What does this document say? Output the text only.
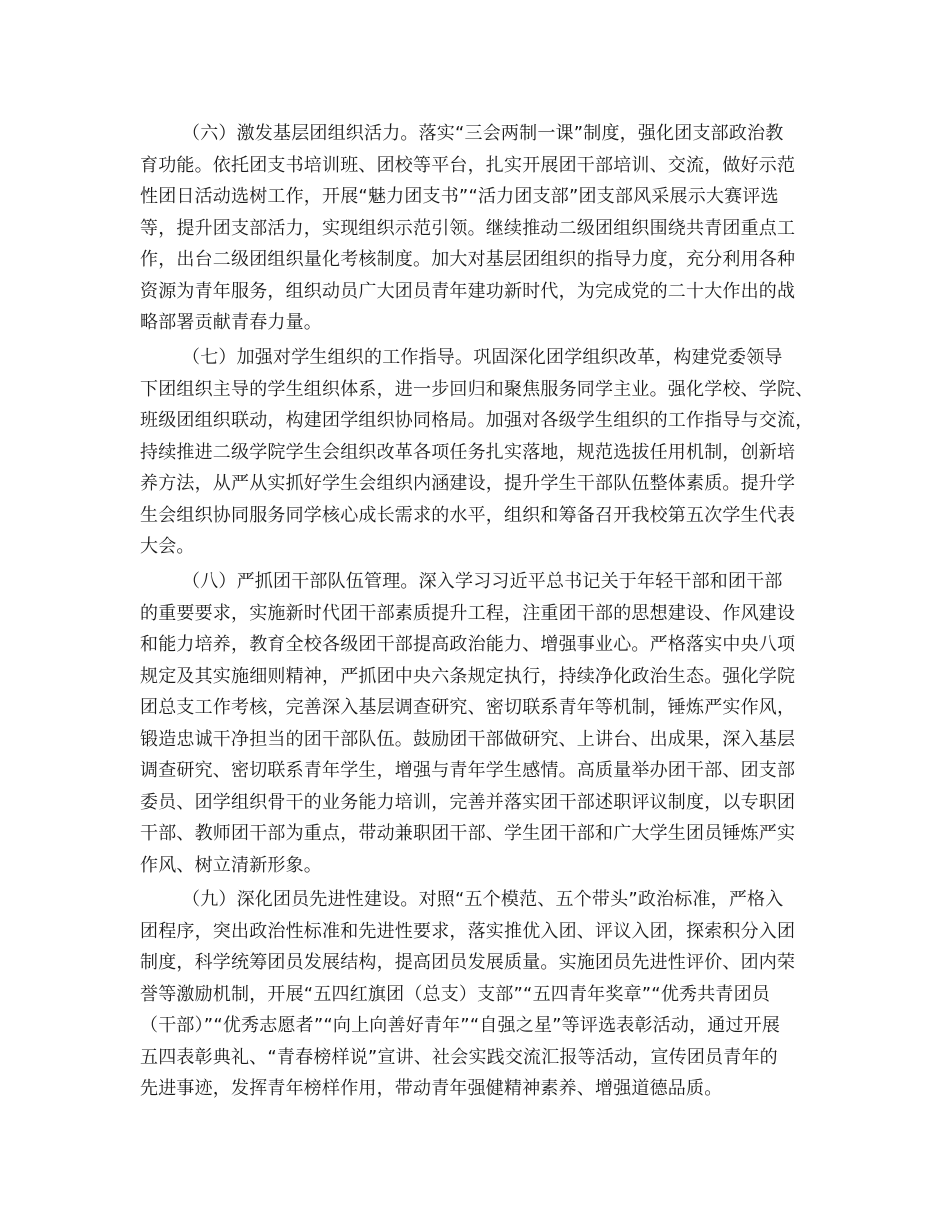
（六）激发基层团组织活力。落实“三会两制一课”制度，强化团支部政治教
育功能。依托团支书培训班、团校等平台，扎实开展团干部培训、交流，做好示范
性团日活动选树工作，开展“魅力团支书”“活力团支部”团支部风采展示大赛评选
等，提升团支部活力，实现组织示范引领。继续推动二级团组织围绕共青团重点工
作，出台二级团组织量化考核制度。加大对基层团组织的指导力度，充分利用各种
资源为青年服务，组织动员广大团员青年建功新时代，为完成党的二十大作出的战
略部署贡献青春力量。
（七）加强对学生组织的工作指导。巩固深化团学组织改革，构建党委领导
下团组织主导的学生组织体系，进一步回归和聚焦服务同学主业。强化学校、学院、
班级团组织联动，构建团学组织协同格局。加强对各级学生组织的工作指导与交流，
持续推进二级学院学生会组织改革各项任务扎实落地，规范选拔任用机制，创新培
养方法，从严从实抓好学生会组织内涵建设，提升学生干部队伍整体素质。提升学
生会组织协同服务同学核心成长需求的水平，组织和筹备召开我校第五次学生代表
大会。
（八）严抓团干部队伍管理。深入学习习近平总书记关于年轻干部和团干部
的重要要求，实施新时代团干部素质提升工程，注重团干部的思想建设、作风建设
和能力培养，教育全校各级团干部提高政治能力、增强事业心。严格落实中央八项
规定及其实施细则精神，严抓团中央六条规定执行，持续净化政治生态。强化学院
团总支工作考核，完善深入基层调查研究、密切联系青年等机制，锤炼严实作风，
锻造忠诚干净担当的团干部队伍。鼓励团干部做研究、上讲台、出成果，深入基层
调查研究、密切联系青年学生，增强与青年学生感情。高质量举办团干部、团支部
委员、团学组织骨干的业务能力培训，完善并落实团干部述职评议制度，以专职团
干部、教师团干部为重点，带动兼职团干部、学生团干部和广大学生团员锤炼严实
作风、树立清新形象。
（九）深化团员先进性建设。对照“五个模范、五个带头”政治标准，严格入
团程序，突出政治性标准和先进性要求，落实推优入团、评议入团，探索积分入团
制度，科学统筹团员发展结构，提高团员发展质量。实施团员先进性评价、团内荣
誉等激励机制，开展“五四红旗团（总支）支部”“五四青年奖章”“优秀共青团员
（干部）”“优秀志愿者”“向上向善好青年”“自强之星”等评选表彰活动，通过开展
五四表彰典礼、“青春榜样说”宣讲、社会实践交流汇报等活动，宣传团员青年的
先进事迹，发挥青年榜样作用，带动青年强健精神素养、增强道德品质。
